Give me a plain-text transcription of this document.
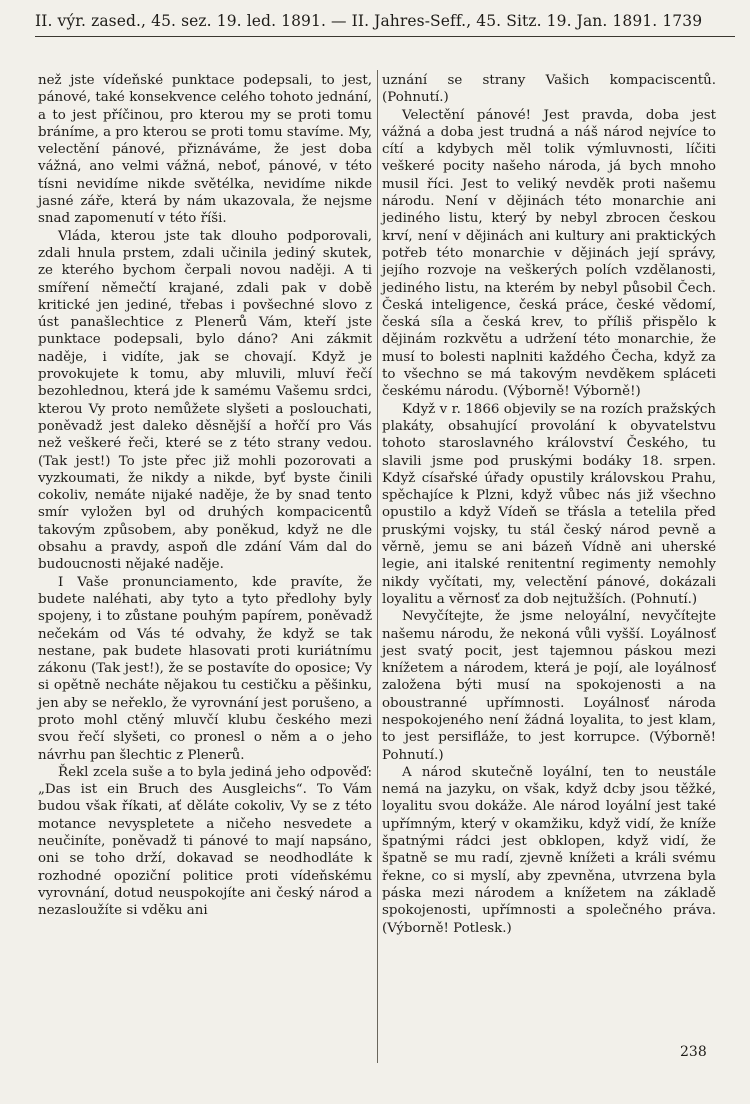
II. výr. zased., 45. sez. 19. led. 1891. — II. Jahres-Seff., 45. Sitz. 19. Jan. 1891. 1739

než jste vídeňské punktace podepsali, to jest, pánové, také konsekvence celého tohoto jednání, a to jest příčinou, pro kterou my se proti tomu bráníme, a pro kterou se proti tomu stavíme. My, velectění pánové, přiznáváme, že jest doba vážná, ano velmi vážná, neboť, pánové, v této tísni nevidíme nikde světélka, nevidíme nikde jasné záře, která by nám ukazovala, že nejsme snad zapomenutí v této říši.

Vláda, kterou jste tak dlouho podporovali, zdali hnula prstem, zdali učinila jediný skutek, ze kterého bychom čerpali novou naději. A ti smíření němečtí krajané, zdali pak v době kritické jen jediné, třebas i povšechné slovo z úst panašlechtice z Plenerů Vám, kteří jste punktace podepsali, bylo dáno? Ani zákmit naděje, i vidíte, jak se chovají. Když je provokujete k tomu, aby mluvili, mluví řečí bezohlednou, která jde k samému Vašemu srdci, kterou Vy proto nemůžete slyšeti a poslouchati, poněvadž jest daleko děsnější a hořčí pro Vás než veškeré řeči, které se z této strany vedou. (Tak jest!) To jste přec již mohli pozorovati a vyzkoumati, že nikdy a nikde, byť byste činili cokoliv, nemáte nijaké naděje, že by snad tento smír vyložen byl od druhých kompacicentů takovým způsobem, aby poněkud, když ne dle obsahu a pravdy, aspoň dle zdání Vám dal do budoucnosti nějaké naděje.

I Vaše pronunciamento, kde pravíte, že budete naléhati, aby tyto a tyto předlohy byly spojeny, i to zůstane pouhým papírem, poněvadž nečekám od Vás té odvahy, že když se tak nestane, pak budete hlasovati proti kuriátnímu zákonu (Tak jest!), že se postavíte do oposice; Vy si opětně necháte nějakou tu cestičku a pěšinku, jen aby se neřeklo, že vyrovnání jest porušeno, a proto mohl ctěný mluvčí klubu českého mezi svou řečí slyšeti, co pronesl o něm a o jeho návrhu pan šlechtic z Plenerů.

Řekl zcela suše a to byla jediná jeho odpověď: „Das ist ein Bruch des Ausgleichs“. To Vám budou však říkati, ať děláte cokoliv, Vy se z této motance nevyspletete a ničeho nesvedete a neučiníte, poněvadž ti pánové to mají napsáno, oni se toho drží, dokavad se neodhodláte k rozhodné opoziční politice proti vídeňskému vyrovnání, dotud neuspokojíte ani český národ a nezasloužíte si vděku ani

uznání se strany Vašich kompaciscentů. (Pohnutí.)

Velectění pánové! Jest pravda, doba jest vážná a doba jest trudná a náš národ nejvíce to cítí a kdybych měl tolik výmluvnosti, líčiti veškeré pocity našeho národa, já bych mnoho musil říci. Jest to veliký nevděk proti našemu národu. Není v dějinách této monarchie ani jediného listu, který by nebyl zbrocen českou krví, není v dějinách ani kultury ani praktických potřeb této monarchie v dějinách její správy, jejího rozvoje na veškerých polích vzdělanosti, jediného listu, na kterém by nebyl působil Čech. Česká inteligence, česká práce, české vědomí, česká síla a česká krev, to příliš přispělo k dějinám rozkvětu a udržení této monarchie, že musí to bolesti naplniti každého Čecha, když za to všechno se má takovým nevděkem spláceti českému národu. (Výborně! Výborně!)

Když v r. 1866 objevily se na rozích pražských plakáty, obsahující provolání k obyvatelstvu tohoto staroslavného království Českého, tu slavili jsme pod pruskými bodáky 18. srpen. Když císařské úřady opustily královskou Prahu, spěchajíce k Plzni, když vůbec nás již všechno opustilo a když Vídeň se třásla a tetelila před pruskými vojsky, tu stál český národ pevně a věrně, jemu se ani bázeň Vídně ani uherské legie, ani italské renitentní regimenty nemohly nikdy vyčítati, my, velectění pánové, dokázali loyalitu a věrnosť za dob nejtužších. (Pohnutí.)

Nevyčítejte, že jsme neloyální, nevyčítejte našemu národu, že nekoná vůli vyšší. Loyálnosť jest svatý pocit, jest tajemnou páskou mezi knížetem a národem, která je pojí, ale loyálnosť založena býti musí na spokojenosti a na oboustranné upřímnosti. Loyálnosť národa nespokojeného není žádná loyalita, to jest klam, to jest persifláže, to jest korrupce. (Výborně! Pohnutí.)

A národ skutečně loyální, ten to neustále nemá na jazyku, on však, když dcby jsou těžké, loyalitu svou dokáže. Ale národ loyální jest také upřímným, který v okamžiku, když vidí, že kníže špatnými rádci jest obklopen, když vidí, že špatně se mu radí, zjevně knížeti a králi svému řekne, co si myslí, aby zpevněna, utvrzena byla páska mezi národem a knížetem na základě spokojenosti, upřímnosti a společného práva. (Výborně! Potlesk.)

238
